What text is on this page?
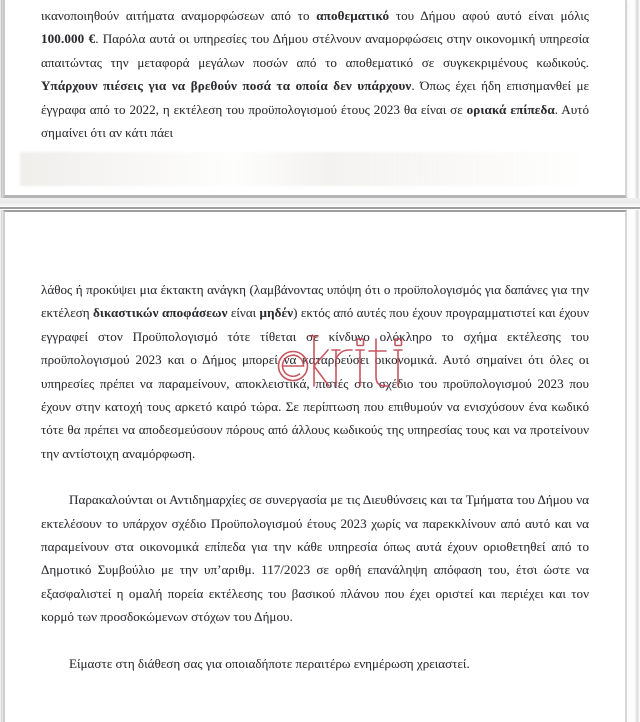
ικανοποιηθούν αιτήματα αναμορφώσεων από το αποθεματικό του Δήμου αφού αυτό είναι μόλις 100.000 €. Παρόλα αυτά οι υπηρεσίες του Δήμου στέλνουν αναμορφώσεις στην οικονομική υπηρεσία απαιτώντας την μεταφορά μεγάλων ποσών από το αποθεματικό σε συγκεκριμένους κωδικούς. Υπάρχουν πιέσεις για να βρεθούν ποσά τα οποία δεν υπάρχουν. Όπως έχει ήδη επισημανθεί με έγγραφα από το 2022, η εκτέλεση του προϋπολογισμού έτους 2023 θα είναι σε οριακά επίπεδα. Αυτό σημαίνει ότι αν κάτι πάει

λάθος ή προκύψει μια έκτακτη ανάγκη (λαμβάνοντας υπόψη ότι ο προϋπολογισμός για δαπάνες για την εκτέλεση δικαστικών αποφάσεων είναι μηδέν) εκτός από αυτές που έχουν προγραμματιστεί και έχουν εγγραφεί στον Προϋπολογισμό τότε τίθεται σε κίνδυνο ολόκληρο το σχήμα εκτέλεσης του προϋπολογισμού 2023 και ο Δήμος μπορεί να καταρρεύσει οικονομικά. Αυτό σημαίνει ότι όλες οι υπηρεσίες πρέπει να παραμείνουν, αποκλειστικά, πιστές στο σχέδιο του προϋπολογισμού 2023 που έχουν στην κατοχή τους αρκετό καιρό τώρα. Σε περίπτωση που επιθυμούν να ενισχύσουν ένα κωδικό τότε θα πρέπει να αποδεσμεύσουν πόρους από άλλους κωδικούς της υπηρεσίας τους και να προτείνουν την αντίστοιχη αναμόρφωση.

Παρακαλούνται οι Αντιδημαρχίες σε συνεργασία με τις Διευθύνσεις και τα Τμήματα του Δήμου να εκτελέσουν το υπάρχον σχέδιο Προϋπολογισμού έτους 2023 χωρίς να παρεκκλίνουν από αυτό και να παραμείνουν στα οικονομικά επίπεδα για την κάθε υπηρεσία όπως αυτά έχουν οριοθετηθεί από το Δημοτικό Συμβούλιο με την υπ’αριθμ. 117/2023 σε ορθή επανάληψη απόφαση του, έτσι ώστε να εξασφαλιστεί η ομαλή πορεία εκτέλεσης του βασικού πλάνου που έχει οριστεί και περιέχει και τον κορμό των προσδοκώμενων στόχων του Δήμου.

Είμαστε στη διάθεση σας για οποιαδήποτε περαιτέρω ενημέρωση χρειαστεί.
